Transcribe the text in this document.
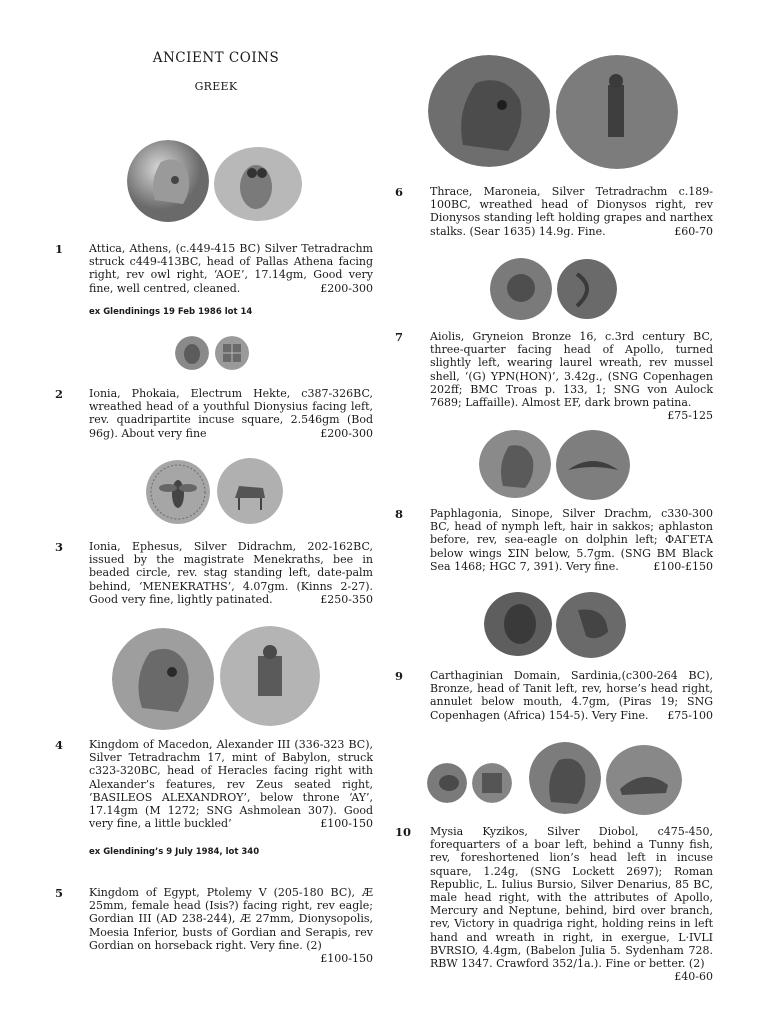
ANCIENT COINS
GREEK
1 Attica, Athens, (c.449-415 BC) Silver Tetradrachm struck c449-413BC, head of Pallas Athena facing right, rev owl right, ‘AOE’, 17.14gm, Good very fine, well centred, cleaned.	£200-300
ex Glendinings 19 Feb 1986 lot 14
2 Ionia, Phokaia, Electrum Hekte, c387-326BC, wreathed head of a youthful Dionysius facing left, rev. quadripartite incuse square, 2.546gm (Bod 96g). About very fine	£200-300
3 Ionia, Ephesus, Silver Didrachm, 202-162BC, issued by the magistrate Menekraths, bee in beaded circle, rev. stag standing left, date-palm behind, ‘MENEKRATHS’, 4.07gm. (Kinns 2-27). Good very fine, lightly patinated.	£250-350
4 Kingdom of Macedon, Alexander III (336-323 BC), Silver Tetradrachm 17, mint of Babylon, struck c323-320BC, head of Heracles facing right with Alexander’s features, rev Zeus seated right, ‘BASILEOS ALEXANDROY’, below throne ‘AY’, 17.14gm (M 1272; SNG Ashmolean 307). Good very fine, a little buckled’	£100-150
ex Glendining’s 9 July 1984, lot 340
5 Kingdom of Egypt, Ptolemy V (205-180 BC), Æ 25mm, female head (Isis?) facing right, rev eagle; Gordian III (AD 238-244), Æ 27mm, Dionysopolis, Moesia Inferior, busts of Gordian and Serapis, rev Gordian on horseback right. Very fine. (2)
£100-150
6 Thrace, Maroneia, Silver Tetradrachm c.189-100BC, wreathed head of Dionysos right, rev Dionysos standing left holding grapes and narthex stalks. (Sear 1635) 14.9g. Fine.	£60-70
7 Aiolis, Gryneion Bronze 16, c.3rd century BC, three-quarter facing head of Apollo, turned slightly left, wearing laurel wreath, rev mussel shell, ‘(G) YPN(HON)’, 3.42g., (SNG Copenhagen 202ff; BMC Troas p. 133, 1; SNG von Aulock 7689; Laffaille). Almost EF, dark brown patina.
£75-125
8 Paphlagonia, Sinope, Silver Drachm, c330-300 BC, head of nymph left, hair in sakkos; aphlaston before, rev, sea-eagle on dolphin left; ΦΑΓΕΤΑ below wings ΣΙΝ below, 5.7gm. (SNG BM Black Sea 1468; HGC 7, 391). Very fine.	£100-£150
9 Carthaginian Domain, Sardinia,(c300-264 BC), Bronze, head of Tanit left, rev, horse’s head right, annulet below mouth, 4.7gm, (Piras 19; SNG Copenhagen (Africa) 154-5). Very Fine. £75-100
10 Mysia Kyzikos, Silver Diobol, c475-450, forequarters of a boar left, behind a Tunny fish, rev, foreshortened lion’s head left in incuse square, 1.24g, (SNG Lockett 2697); Roman Republic, L. Iulius Bursio, Silver Denarius, 85 BC, male head right, with the attributes of Apollo, Mercury and Neptune, behind, bird over branch, rev, Victory in quadriga right, holding reins in left hand and wreath in right, in exergue, L·IVLI BVRSIO, 4.4gm, (Babelon Julia 5. Sydenham 728. RBW 1347. Crawford 352/1a.). Fine or better. (2)
£40-60
